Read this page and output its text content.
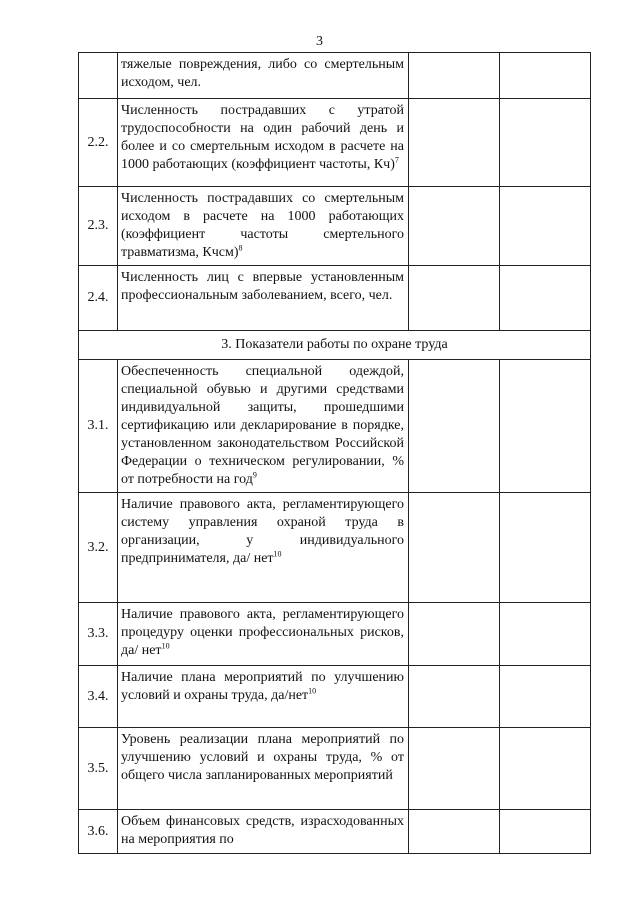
3
	тяжелые повреждения, либо со смертельным исходом, чел.		
2.2.	Численность пострадавших с утратой трудоспособности на один рабочий день и более и со смертельным исходом в расчете на 1000 работающих (коэффициент частоты, Кч)$^7$		
2.3.	Численность пострадавших со смертельным исходом в расчете на 1000 работающих (коэффициент частоты смертельного травматизма, Кчсм)$^8$		
2.4.	Численность лиц с впервые установленным профессиональным заболеванием, всего, чел.		
3. Показатели работы по охране труда			
3.1.	Обеспеченность специальной одеждой, специальной обувью и другими средствами индивидуальной защиты, прошедшими сертификацию или декларирование в порядке, установленном законодательством Российской Федерации о техническом регулировании, % от потребности на год$^9$		
3.2.	Наличие правового акта, регламентирующего систему управления охраной труда в организации, у индивидуального предпринимателя, да/ нет$^{10}$		
3.3.	Наличие правового акта, регламентирующего процедуру оценки профессиональных рисков, да/ нет$^{10}$		
3.4.	Наличие плана мероприятий по улучшению условий и охраны труда, да/нет$^{10}$		
3.5.	Уровень реализации плана мероприятий по улучшению условий и охраны труда, % от общего числа запланированных мероприятий		
3.6.	Объем финансовых средств, израсходованных на мероприятия по		
